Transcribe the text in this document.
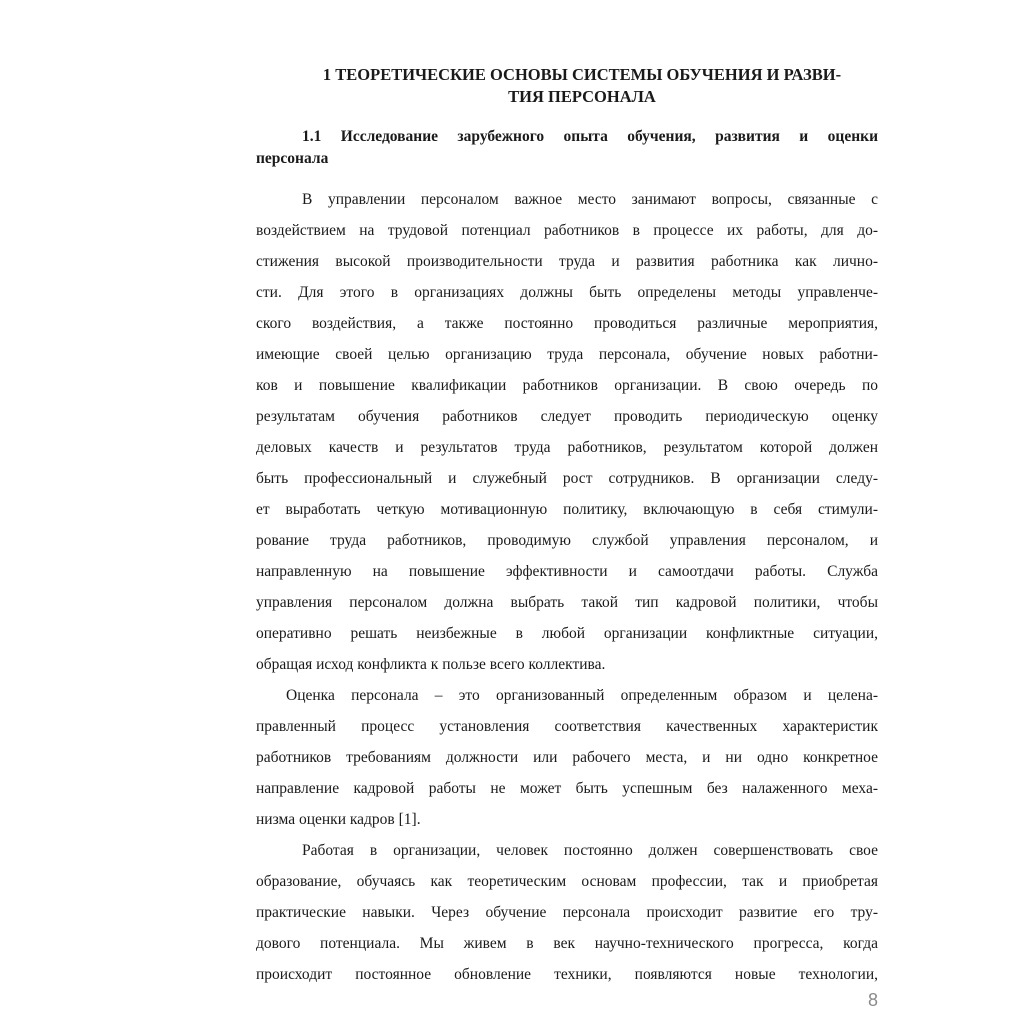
1 ТЕОРЕТИЧЕСКИЕ ОСНОВЫ СИСТЕМЫ ОБУЧЕНИЯ И РАЗВИ-
ТИЯ ПЕРСОНАЛА
1.1 Исследование зарубежного опыта обучения, развития и оценки
персонала
В управлении персоналом важное место занимают вопросы, связанные с
воздействием на трудовой потенциал работников в процессе их работы, для до-
стижения высокой производительности труда и развития работника как лично-
сти. Для этого в организациях должны быть определены методы управленче-
ского воздействия, а также постоянно проводиться различные мероприятия,
имеющие своей целью организацию труда персонала, обучение новых работни-
ков и повышение квалификации работников организации. В свою очередь по
результатам обучения работников следует проводить периодическую оценку
деловых качеств и результатов труда работников, результатом которой должен
быть профессиональный и служебный рост сотрудников. В организации следу-
ет выработать четкую мотивационную политику, включающую в себя стимули-
рование труда работников, проводимую службой управления персоналом, и
направленную на повышение эффективности и самоотдачи работы. Служба
управления персоналом должна выбрать такой тип кадровой политики, чтобы
оперативно решать неизбежные в любой организации конфликтные ситуации,
обращая исход конфликта к пользе всего коллектива.
Оценка персонала – это организованный определенным образом и целена-
правленный процесс установления соответствия качественных характеристик
работников требованиям должности или рабочего места, и ни одно конкретное
направление кадровой работы не может быть успешным без налаженного меха-
низма оценки кадров [1].
Работая в организации, человек постоянно должен совершенствовать свое
образование, обучаясь как теоретическим основам профессии, так и приобретая
практические навыки. Через обучение персонала происходит развитие его тру-
дового потенциала. Мы живем в век научно-технического прогресса, когда
происходит постоянное обновление техники, появляются новые технологии,
8
